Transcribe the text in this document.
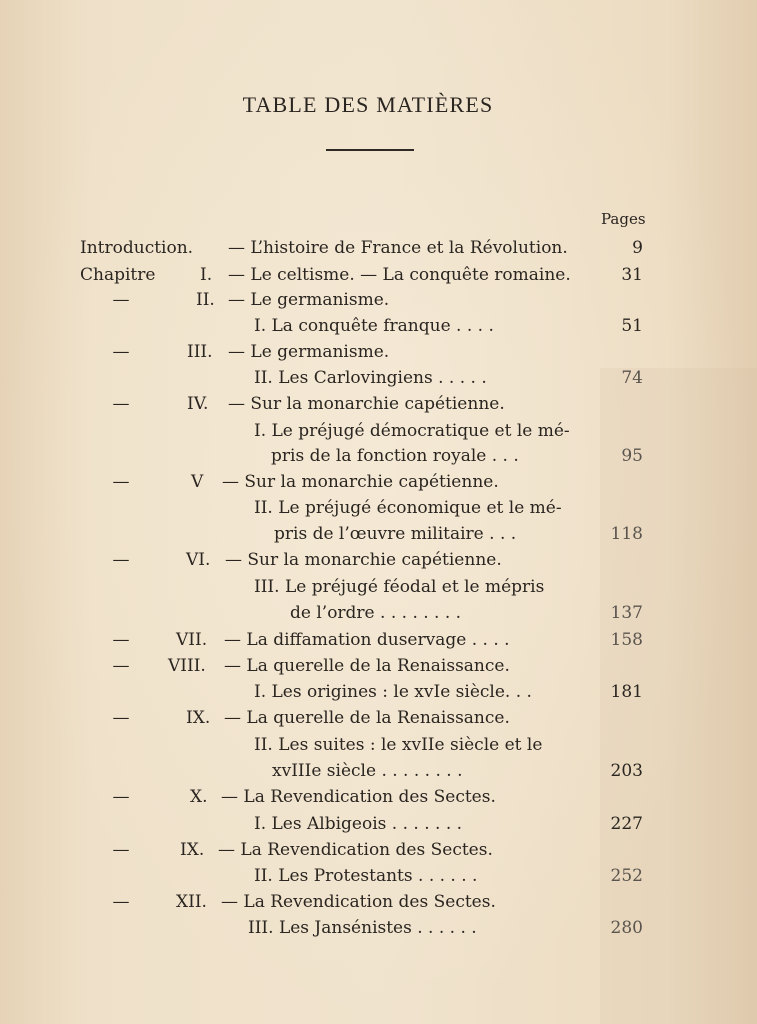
TABLE DES MATIÈRES
Pages
Introduction. — L’histoire de France et la Révolution.	9
Chapitre	I. — Le celtisme. — La conquête romaine.	31
—	II. — Le germanisme.
I. La conquête franque . . . .	51
—	III. — Le germanisme.
II. Les Carlovingiens . . . . .	74
—	IV. — Sur la monarchie capétienne.
I. Le préjugé démocratique et le mé-
pris de la fonction royale . . .	95
—	V — Sur la monarchie capétienne.
II. Le préjugé économique et le mé-
pris de l’œuvre militaire . . .	118
—	VI. — Sur la monarchie capétienne.
III. Le préjugé féodal et le mépris
de l’ordre . . . . . . . .	137
—	VII. — La diffamation duservage . . . .	158
— VIII. — La querelle de la Renaissance.
I. Les origines : le xvIe siècle. . .	181
—	IX. — La querelle de la Renaissance.
II. Les suites : le xvIIe siècle et le
xvIIIe siècle . . . . . . . .	203
—	X. — La Revendication des Sectes.
I. Les Albigeois . . . . . . .	227
—	IX. — La Revendication des Sectes.
II. Les Protestants . . . . . .	252
—	XII. — La Revendication des Sectes.
III. Les Jansénistes . . . . . .	280
